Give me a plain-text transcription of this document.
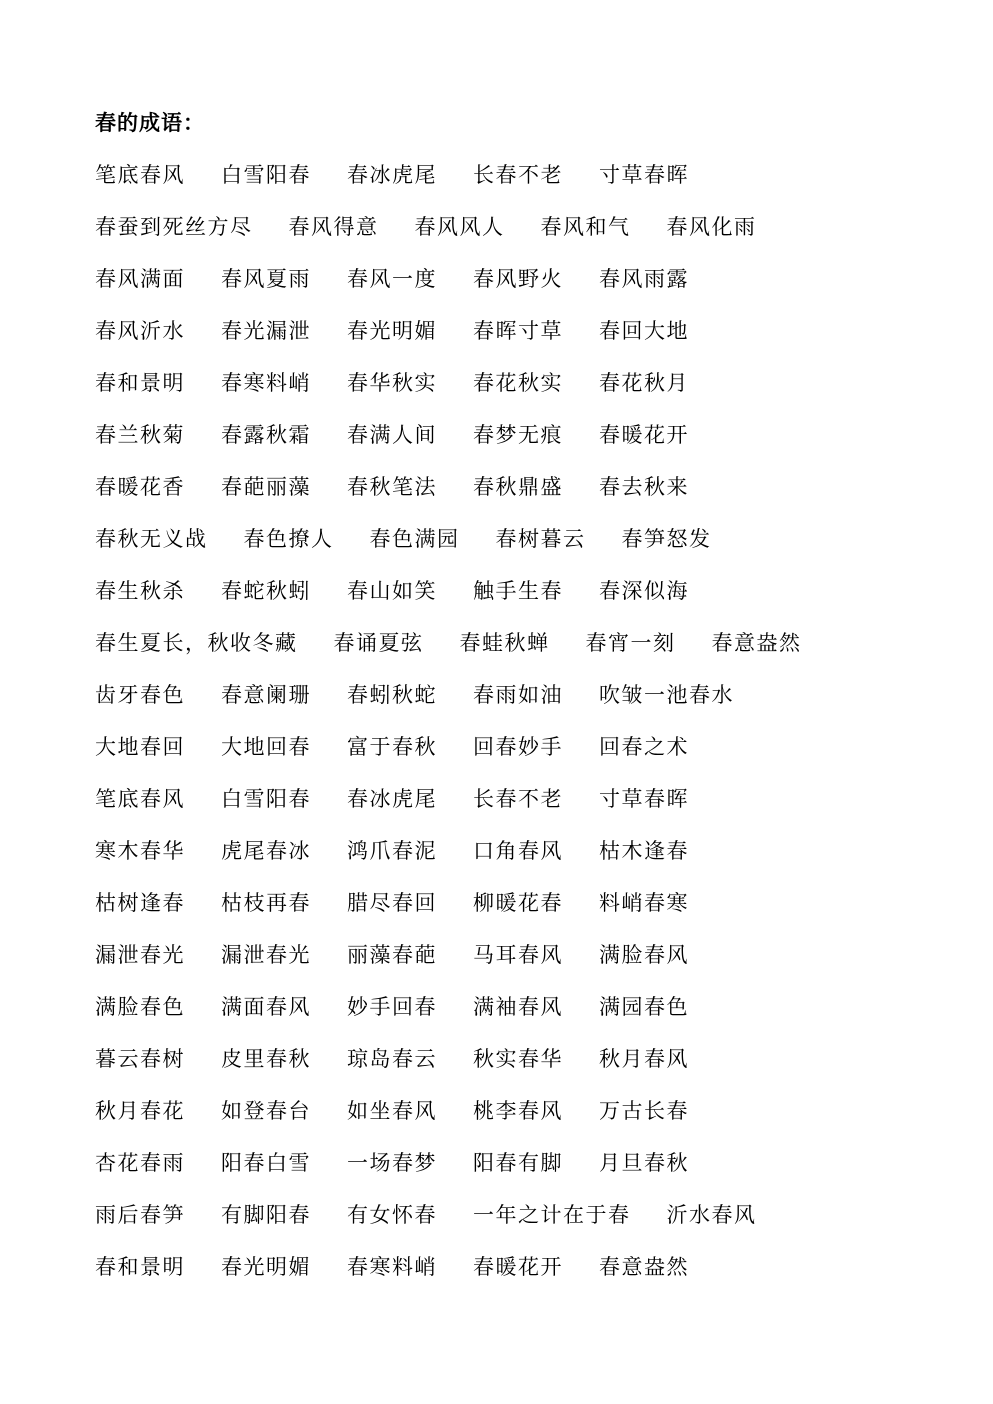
春的成语：
笔底春风 白雪阳春 春冰虎尾 长春不老 寸草春晖
春蚕到死丝方尽 春风得意 春风风人 春风和气 春风化雨
春风满面 春风夏雨 春风一度 春风野火 春风雨露
春风沂水 春光漏泄 春光明媚 春晖寸草 春回大地
春和景明 春寒料峭 春华秋实 春花秋实 春花秋月
春兰秋菊 春露秋霜 春满人间 春梦无痕 春暖花开
春暖花香 春葩丽藻 春秋笔法 春秋鼎盛 春去秋来
春秋无义战 春色撩人 春色满园 春树暮云 春笋怒发
春生秋杀 春蛇秋蚓 春山如笑 触手生春 春深似海
春生夏长，秋收冬藏 春诵夏弦 春蛙秋蝉 春宵一刻 春意盎然
齿牙春色 春意阑珊 春蚓秋蛇 春雨如油 吹皱一池春水
大地春回 大地回春 富于春秋 回春妙手 回春之术
笔底春风 白雪阳春 春冰虎尾 长春不老 寸草春晖
寒木春华 虎尾春冰 鸿爪春泥 口角春风 枯木逢春
枯树逢春 枯枝再春 腊尽春回 柳暖花春 料峭春寒
漏泄春光 漏泄春光 丽藻春葩 马耳春风 满脸春风
满脸春色 满面春风 妙手回春 满袖春风 满园春色
暮云春树 皮里春秋 琼岛春云 秋实春华 秋月春风
秋月春花 如登春台 如坐春风 桃李春风 万古长春
杏花春雨 阳春白雪 一场春梦 阳春有脚 月旦春秋
雨后春笋 有脚阳春 有女怀春 一年之计在于春 沂水春风
春和景明 春光明媚 春寒料峭 春暖花开 春意盎然
